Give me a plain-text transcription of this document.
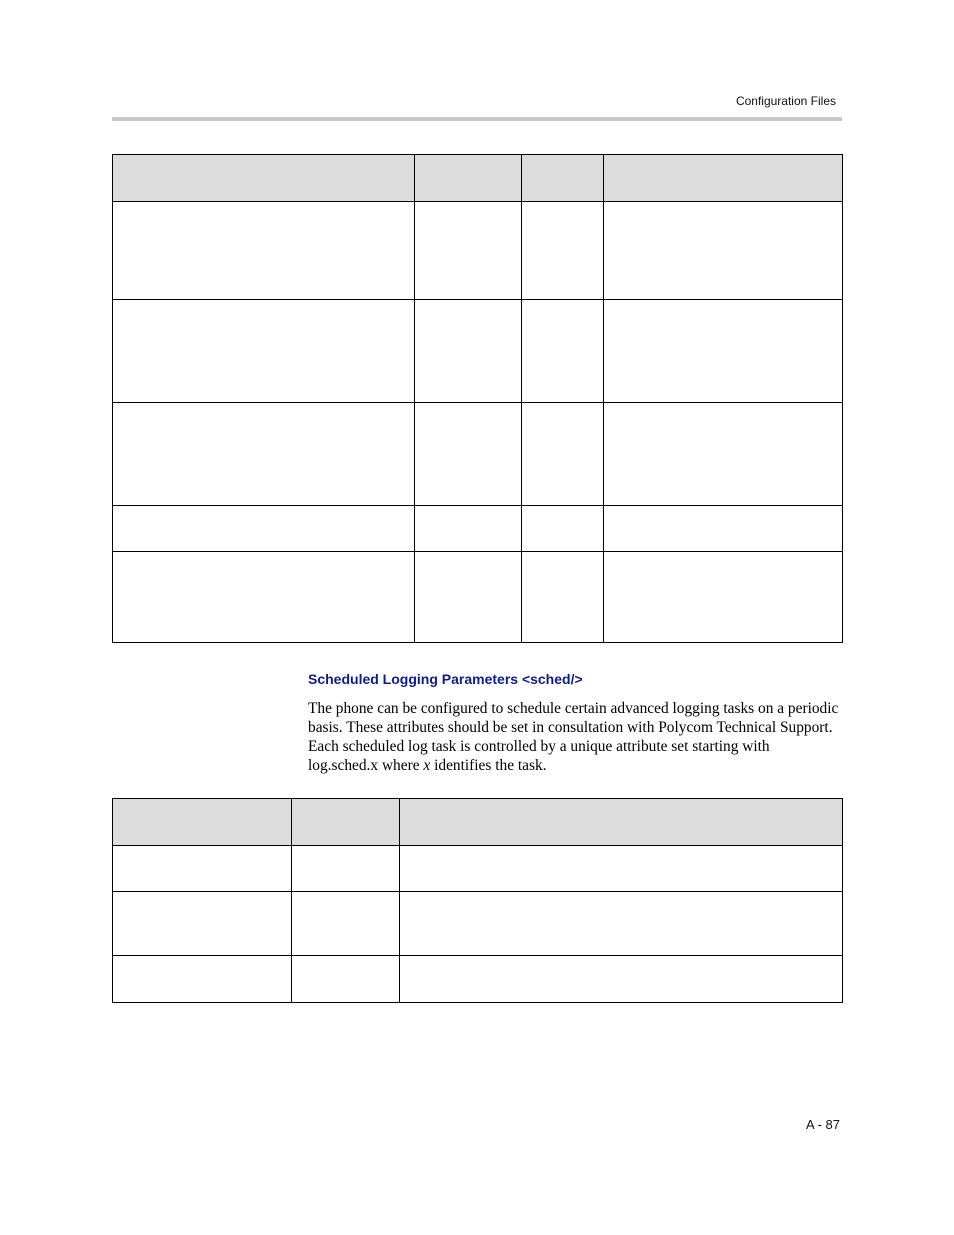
Configuration Files

Scheduled Logging Parameters <sched/>

The phone can be configured to schedule certain advanced logging tasks on a periodic basis. These attributes should be set in consultation with Polycom Technical Support. Each scheduled log task is controlled by a unique attribute set starting with log.sched.x where x identifies the task.

A - 87
